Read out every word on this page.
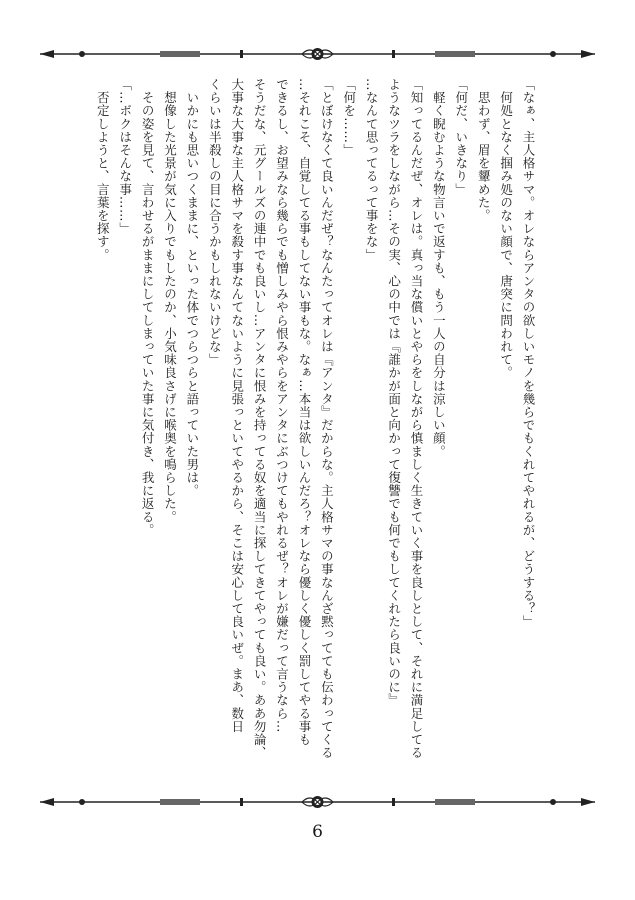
「なぁ、主人格サマ。オレならアンタの欲しいモノを幾らでもくれてやれるが、どうする？」
　何処となく掴み処のない顔で、唐突に問われて。
　思わず、眉を顰めた。
「何だ、いきなり」
　軽く睨むような物言いで返すも、もう一人の自分は涼しい顔。
「知ってるんだぜ、オレは。真っ当な償いとやらをしながら慎ましく生きていく事を良しとして、それに満足してる
ようなツラをしながら…その実、心の中では『誰かが面と向かって復讐でも何でもしてくれたら良いのに』
…なんて思ってるって事をな」
「何を……」
「とぼけなくて良いんだぜ？なんたってオレは『アンタ』だからな。主人格サマの事なんざ黙ってても伝わってくる
…それこそ、自覚してる事もしてない事もな。なぁ…本当は欲しいんだろ？オレなら優しく優しく罰してやる事も
できるし、お望みなら幾らでも憎しみやら恨みやらをアンタにぶつけてもやれるぜ？オレが嫌だって言うなら…
そうだな、元グールズの連中でも良いし…アンタに恨みを持ってる奴を適当に探してきてやっても良い。ああ勿論、
大事な大事な主人格サマを殺す事なんてないように見張っといてやるから、そこは安心して良いぜ。まあ、数日
くらいは半殺しの目に合うかもしれないけどな」
　いかにも思いつくままに、といった体でつらつらと語っていた男は。
　想像した光景が気に入りでもしたのか、小気味良さげに喉奥を鳴らした。
　その姿を見て、言わせるがままにしてしまっていた事に気付き、我に返る。
「…ボクはそんな事……」
　否定しようと、言葉を探す。
6
